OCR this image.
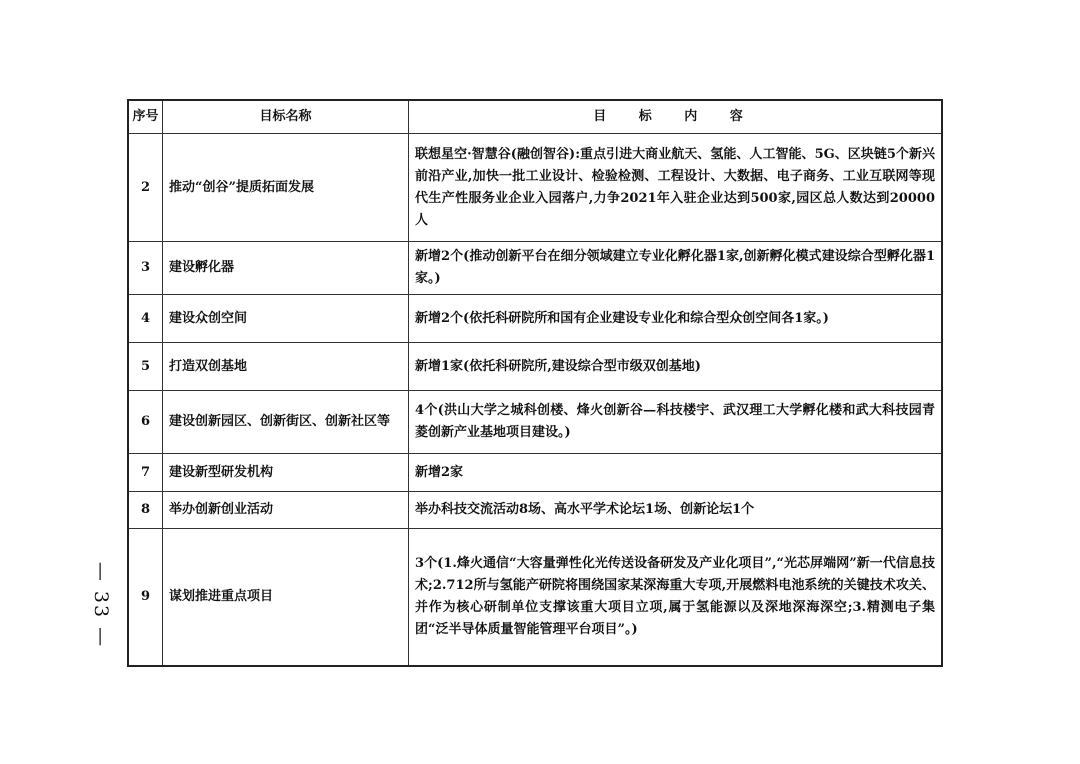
— 33 —
序号	目标名称	目 标 内 容
2	推动“创谷”提质拓面发展	联想星空·智慧谷(融创智谷):重点引进大商业航天、氢能、人工智能、5G、区块链5个新兴前沿产业,加快一批工业设计、检验检测、工程设计、大数据、电子商务、工业互联网等现代生产性服务业企业入园落户,力争2021年入驻企业达到500家,园区总人数达到20000人
3	建设孵化器	新增2个(推动创新平台在细分领域建立专业化孵化器1家,创新孵化模式建设综合型孵化器1家。)
4	建设众创空间	新增2个(依托科研院所和国有企业建设专业化和综合型众创空间各1家。)
5	打造双创基地	新增1家(依托科研院所,建设综合型市级双创基地)
6	建设创新园区、创新街区、创新社区等	4个(洪山大学之城科创楼、烽火创新谷—科技楼宇、武汉理工大学孵化楼和武大科技园青菱创新产业基地项目建设。)
7	建设新型研发机构	新增2家
8	举办创新创业活动	举办科技交流活动8场、高水平学术论坛1场、创新论坛1个
9	谋划推进重点项目	3个(1.烽火通信“大容量弹性化光传送设备研发及产业化项目”,“光芯屏端网”新一代信息技术;2.712所与氢能产研院将围绕国家某深海重大专项,开展燃料电池系统的关键技术攻关、并作为核心研制单位支撑该重大项目立项,属于氢能源以及深地深海深空;3.精测电子集团“泛半导体质量智能管理平台项目”。)
